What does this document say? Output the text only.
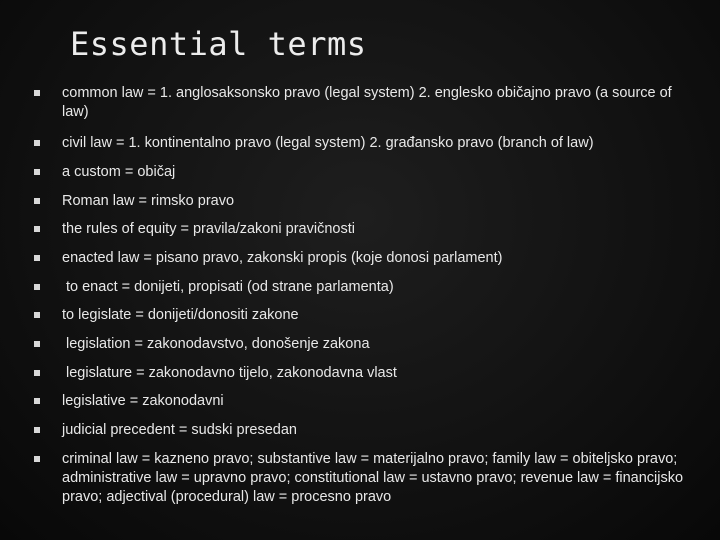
Essential terms
common law = 1. anglosaksonsko pravo (legal system) 2. englesko običajno pravo (a source of law)
civil law = 1. kontinentalno pravo (legal system) 2. građansko pravo (branch of law)
a custom = običaj
Roman law = rimsko pravo
the rules of equity = pravila/zakoni pravičnosti
enacted law = pisano pravo, zakonski propis (koje donosi parlament)
to enact = donijeti, propisati (od strane parlamenta)
to legislate = donijeti/donositi zakone
legislation = zakonodavstvo, donošenje zakona
legislature = zakonodavno tijelo, zakonodavna vlast
legislative = zakonodavni
judicial precedent = sudski presedan
criminal law = kazneno pravo; substantive law = materijalno pravo; family law = obiteljsko pravo; administrative law = upravno pravo; constitutional law = ustavno pravo; revenue law = financijsko pravo; adjectival (procedural) law = procesno pravo
